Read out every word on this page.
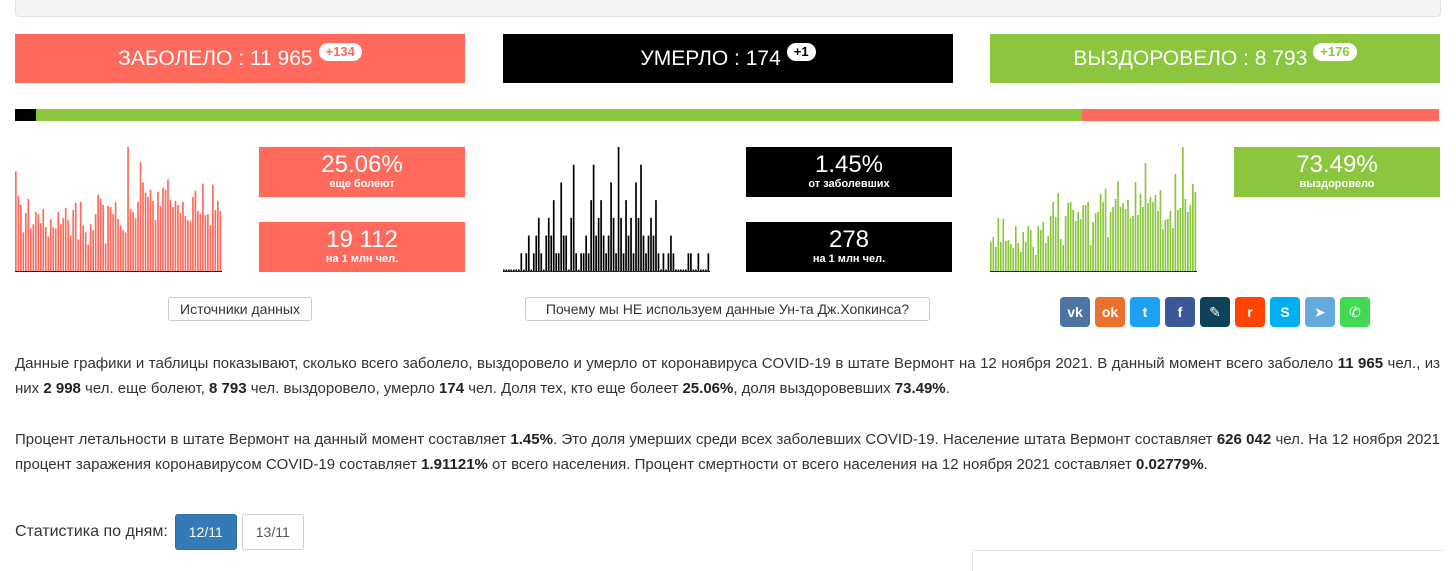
ЗАБОЛЕЛО : 11 965	+134	УМЕРЛО : 174	+1	ВЫЗДОРОВЕЛО : 8 793	+176
25.06%
еще болеют
19 112
на 1 млн чел.
1.45%
от заболевших
278
на 1 млн чел.
73.49%
выздоровело
Источники данных	Почему мы НЕ используем данные Ун-та Дж.Хопкинса?	vk	ok	t	f	✎	r	S	➤	✆
Данные графики и таблицы показывают, сколько всего заболело, выздоровело и умерло от коронавируса COVID-19 в штате Вермонт на 12 ноября 2021. В данный момент всего заболело 11 965 чел., из них 2 998 чел. еще болеют, 8 793 чел. выздоровело, умерло 174 чел. Доля тех, кто еще болеет 25.06%, доля выздоровевших 73.49%.
Процент летальности в штате Вермонт на данный момент составляет 1.45%. Это доля умерших среди всех заболевших COVID-19. Население штата Вермонт составляет 626 042 чел. На 12 ноября 2021 процент заражения коронавирусом COVID-19 составляет 1.91121% от всего населения. Процент смертности от всего населения на 12 ноября 2021 составляет 0.02779%.
Статистика по дням:	12/11	13/11
